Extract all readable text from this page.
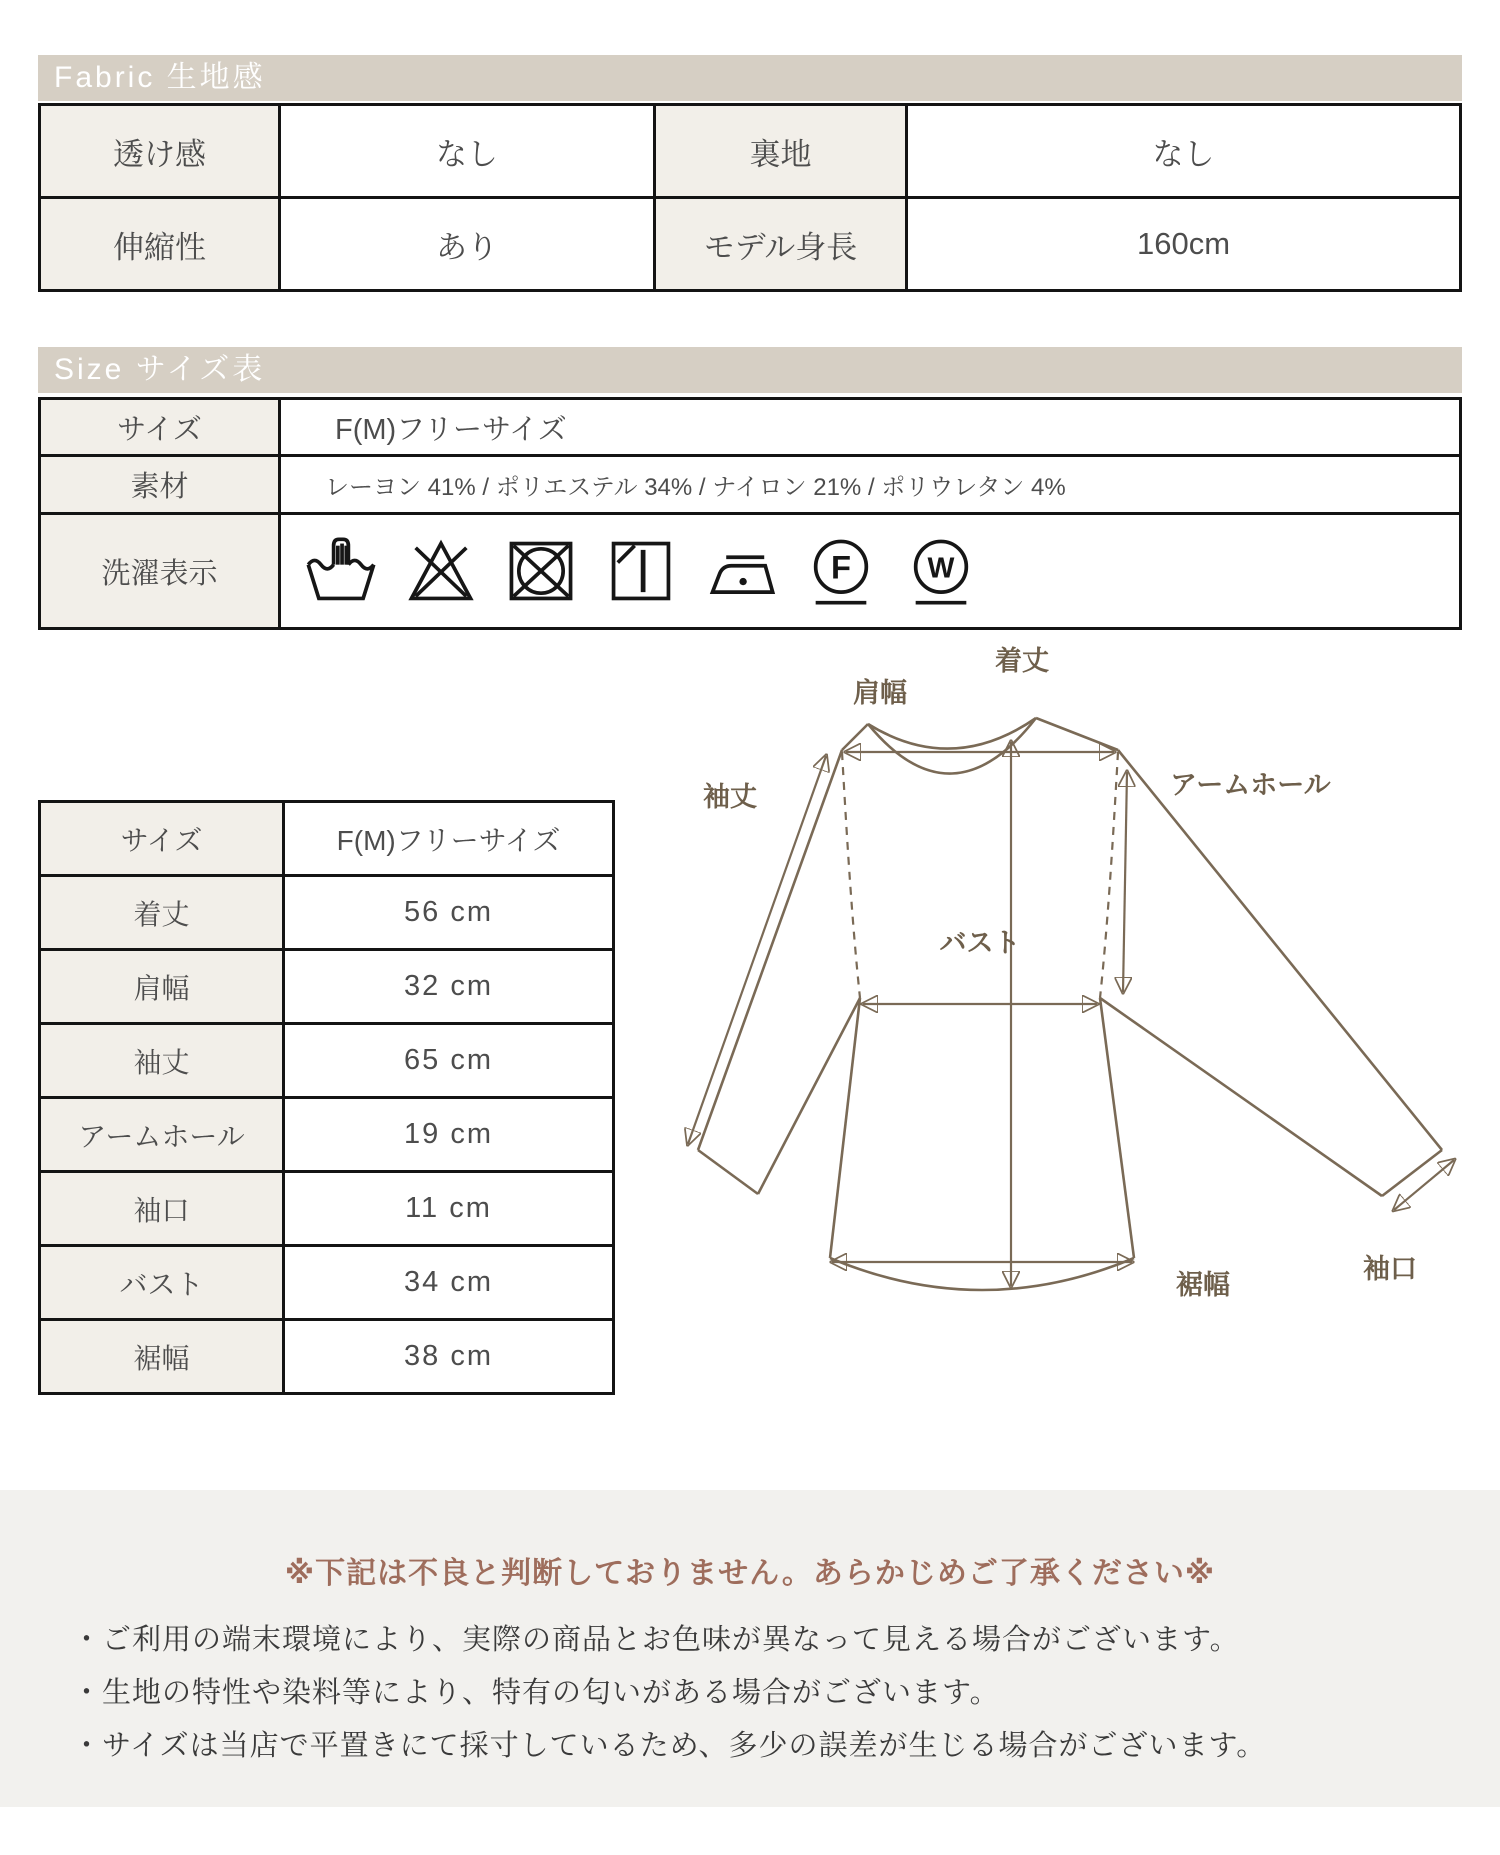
Fabric 生地感
透け感	なし	裏地	なし
伸縮性	あり	モデル身長	160cm
Size サイズ表
サイズ	F(M)フリーサイズ
素材	レーヨン 41% / ポリエステル 34% / ナイロン 21% / ポリウレタン 4%
洗濯表示	F W
サイズ	F(M)フリーサイズ
着丈	56 cm
肩幅	32 cm
袖丈	65 cm
アームホール	19 cm
袖口	11 cm
バスト	34 cm
裾幅	38 cm
着丈
肩幅
袖丈	アームホール
バスト
袖口
裾幅

※下記は不良と判断しておりません。あらかじめご了承ください※

・ご利用の端末環境により、実際の商品とお色味が異なって見える場合がございます。

・生地の特性や染料等により、特有の匂いがある場合がございます。

・サイズは当店で平置きにて採寸しているため、多少の誤差が生じる場合がございます。
